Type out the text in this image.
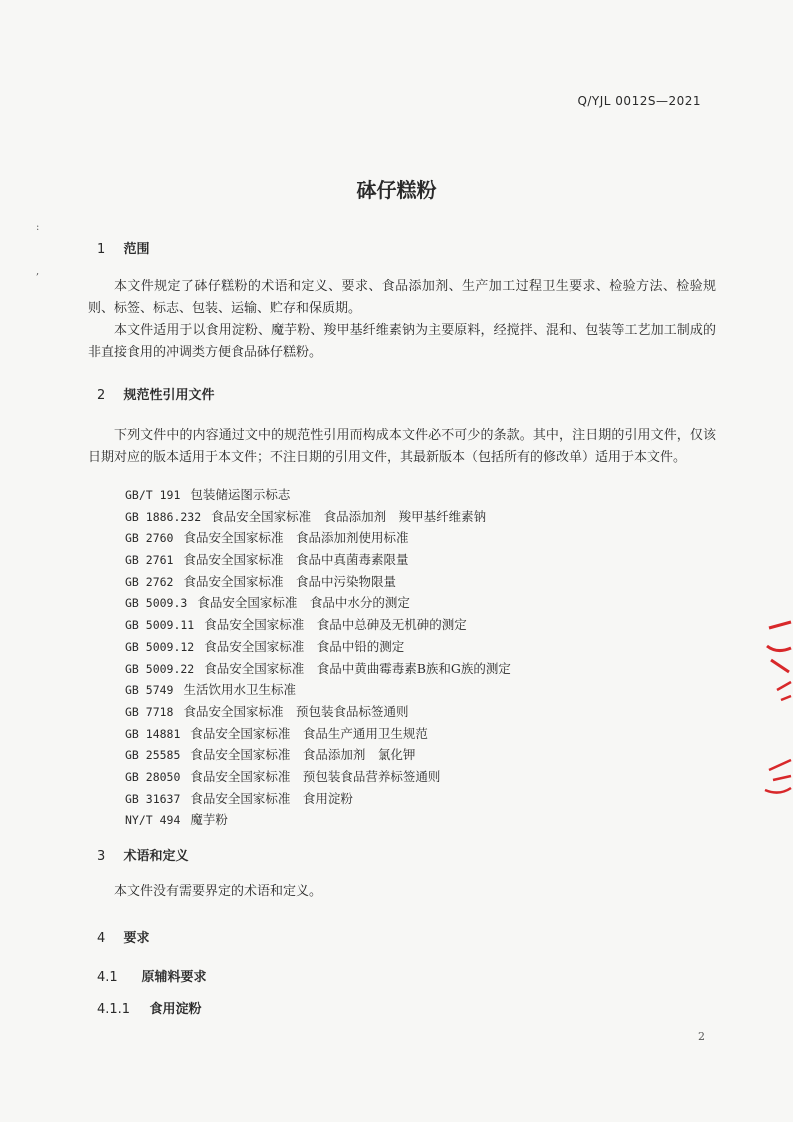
Q/YJL 0012S—2021
砵仔糕粉
:
,
1 范围
本文件规定了砵仔糕粉的术语和定义、要求、食品添加剂、生产加工过程卫生要求、检验方法、检验规则、标签、标志、包装、运输、贮存和保质期。
本文件适用于以食用淀粉、魔芋粉、羧甲基纤维素钠为主要原料，经搅拌、混和、包装等工艺加工制成的非直接食用的冲调类方便食品砵仔糕粉。
2 规范性引用文件
下列文件中的内容通过文中的规范性引用而构成本文件必不可少的条款。其中，注日期的引用文件，仅该日期对应的版本适用于本文件；不注日期的引用文件，其最新版本（包括所有的修改单）适用于本文件。
GB/T 191 包装储运图示标志
GB 1886.232 食品安全国家标准　食品添加剂　羧甲基纤维素钠
GB 2760 食品安全国家标准　食品添加剂使用标准
GB 2761 食品安全国家标准　食品中真菌毒素限量
GB 2762 食品安全国家标准　食品中污染物限量
GB 5009.3 食品安全国家标准　食品中水分的测定
GB 5009.11 食品安全国家标准　食品中总砷及无机砷的测定
GB 5009.12 食品安全国家标准　食品中铅的测定
GB 5009.22 食品安全国家标准　食品中黄曲霉毒素B族和G族的测定
GB 5749 生活饮用水卫生标准
GB 7718 食品安全国家标准　预包装食品标签通则
GB 14881 食品安全国家标准　食品生产通用卫生规范
GB 25585 食品安全国家标准　食品添加剂　氯化钾
GB 28050 食品安全国家标准　预包装食品营养标签通则
GB 31637 食品安全国家标准　食用淀粉
NY/T 494 魔芋粉
3 术语和定义
本文件没有需要界定的术语和定义。
4 要求
4.1 原辅料要求
4.1.1 食用淀粉
2
